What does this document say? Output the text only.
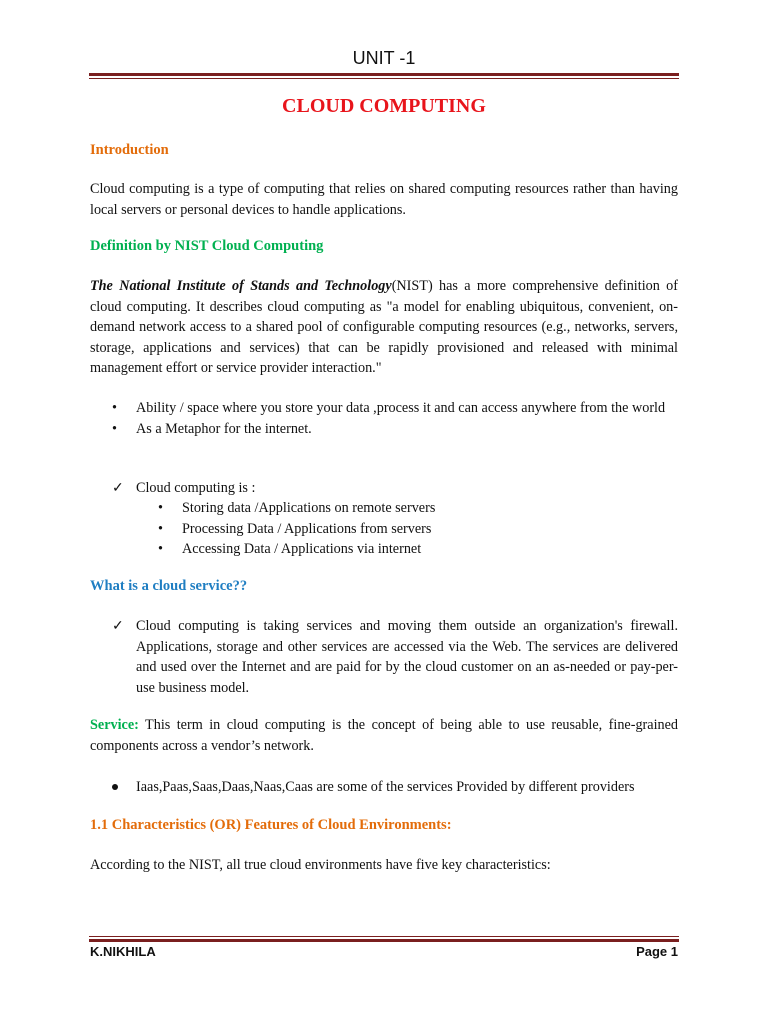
UNIT -1
CLOUD COMPUTING
Introduction

Cloud computing is a type of computing that relies on shared computing resources rather than having local servers or personal devices to handle applications.

Definition by NIST Cloud Computing

The National Institute of Stands and Technology(NIST) has a more comprehensive definition of cloud computing. It describes cloud computing as "a model for enabling ubiquitous, convenient, on-demand network access to a shared pool of configurable computing resources (e.g., networks, servers, storage, applications and services) that can be rapidly provisioned and released with minimal management effort or service provider interaction."

•	Ability / space where you store your data ,process it and can access anywhere from the world
•	As a Metaphor for the internet.
✓ Cloud computing is :
•	Storing data /Applications on remote servers
•	Processing Data / Applications from servers
•	Accessing Data / Applications via internet
What is a cloud service??
✓ Cloud computing is taking services and moving them outside an organization's firewall. Applications, storage and other services are accessed via the Web. The services are delivered and used over the Internet and are paid for by the cloud customer on an as-needed or pay-per-use business model.

Service: This term in cloud computing is the concept of being able to use reusable, fine-grained components across a vendor’s network.

Iaas,Paas,Saas,Daas,Naas,Caas are some of the services Provided by different providers
1.1 Characteristics (OR) Features of Cloud Environments:

According to the NIST, all true cloud environments have five key characteristics:

K.NIKHILA	Page 1
